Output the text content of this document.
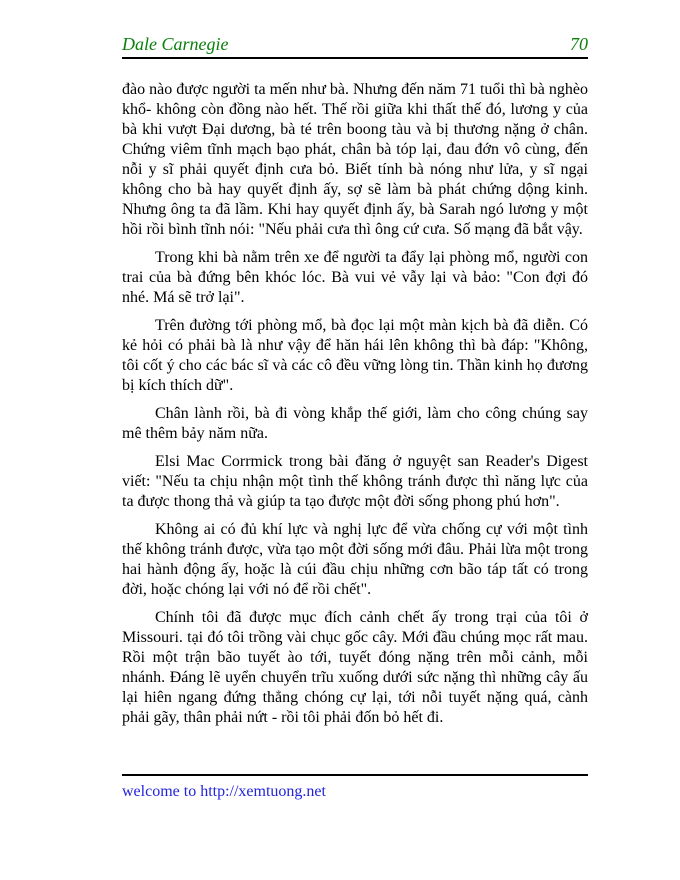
Dale Carnegie	70

đào nào được người ta mến như bà. Nhưng đến năm 71 tuổi thì bà nghèo khổ- không còn đồng nào hết. Thế rồi giữa khi thất thế đó, lương y của bà khi vượt Đại dương, bà té trên boong tàu và bị thương nặng ở chân. Chứng viêm tĩnh mạch bạo phát, chân bà tóp lại, đau đớn vô cùng, đến nỗi y sĩ phải quyết định cưa bỏ. Biết tính bà nóng như lửa, y sĩ ngại không cho bà hay quyết định ấy, sợ sẽ làm bà phát chứng dộng kinh. Nhưng ông ta đã lầm. Khi hay quyết định ấy, bà Sarah ngó lương y một hồi rồi bình tĩnh nói: "Nếu phải cưa thì ông cứ cưa. Số mạng đã bắt vậy.

Trong khi bà nằm trên xe để người ta đẩy lại phòng mổ, người con trai của bà đứng bên khóc lóc. Bà vui vẻ vẫy lại và bảo: "Con đợi đó nhé. Má sẽ trở lại".

Trên đường tới phòng mổ, bà đọc lại một màn kịch bà đã diễn. Có kẻ hỏi có phải bà là như vậy để hăn hái lên không thì bà đáp: "Không, tôi cốt ý cho các bác sĩ và các cô đều vững lòng tin. Thần kinh họ đương bị kích thích dữ".

Chân lành rồi, bà đi vòng khắp thế giới, làm cho công chúng say mê thêm bảy năm nữa.

Elsi Mac Corrmick trong bài đăng ở nguyệt san Reader's Digest viết: "Nếu ta chịu nhận một tình thế không tránh được thì năng lực của ta được thong thả và giúp ta tạo được một đời sống phong phú hơn".

Không ai có đủ khí lực và nghị lực để vừa chống cự với một tình thế không tránh được, vừa tạo một đời sống mới đâu. Phải lừa một trong hai hành động ấy, hoặc là cúi đầu chịu những cơn bão táp tất có trong đời, hoặc chóng lại với nó để rồi chết".

Chính tôi đã được mục đích cảnh chết ấy trong trại của tôi ở Missouri. tại đó tôi trồng vài chục gốc cây. Mới đầu chúng mọc rất mau. Rồi một trận bão tuyết ào tới, tuyết đóng nặng trên mỗi cảnh, mỗi nhánh. Đáng lẽ uyển chuyển trĩu xuống dưới sức nặng thì những cây ấu lại hiên ngang đứng thẳng chóng cự lại, tới nỗi tuyết nặng quá, cành phải gãy, thân phải nứt - rồi tôi phải đốn bỏ hết đi.

welcome to http://xemtuong.net
